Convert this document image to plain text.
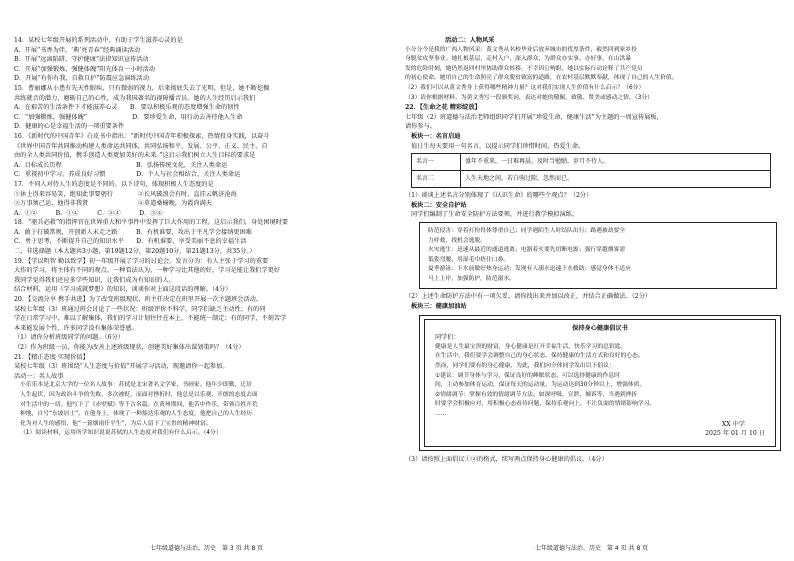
14．某校七年级开展的系列活动中，有助于学生滋养心灵的是
A．开展“书香为伴，‘典’亮青春”经典诵读活动
B．开展“远离陷阱，守护健康”法律知识宣传活动
C．开展“加强锻炼，强健体魄”阳光体育一小时活动
D．开展“有你有我，自救自护”防震应急演练活动
15．曹丽娜从小患有先天性眼疾，只有微弱的视力，后来彻底失去了光明。但是，她不断挖掘
共练就音的潜力，磨砺自己的心性，成为我国著名的视障播音员。她的人生经历启示我们
A．在艰苦的生活条件下才能滋养心灵　　B．要以积极乐观的态度增强生命的韧性
C．“加强锻炼，强健体魄”　　　　　　　 D．要珍爱生命，用行动去善待他人生命
D．健康的心是幸福生活的一项重要条件
16．《新时代的中国青年》白皮书中指出：“新时代中国青年积极探索，热情投身实践，以奋斗
《世界中国青年共同推动构建人类命运共同体，共同弘扬和平、发展、公平、正义、民主、自
由的全人类共同价值，携手创造人类更加美好的未来。”这启示我们树立人生目标的要求是
A．目标成长历程　　　　　　　　　　　　B．弘扬传统文化，关注人类命运
C．重视初中学习，养成良好习惯　　　　　D．个人与社会相结合，关注人类命运
17．不同人对待人生的态度是不同的。以下诗句，体现积极人生态度的是
①休上得来容易笑，绝知此事要躬行　　　　②长风破浪会有时，直挂云帆济沧海
③万事须己运，他得非我贤　　　　　　　　④莫道桑榆晚，为霞尚满天
A．①②　　　B．①④　　　C．②④　　　D．③④
18．“驱兵必救”的指挥官在世界重大和平事件中发挥了巨大作用的工程。这启示我们，身处困境时要
A．敢于打破常规，开创新人未走之路　　　B．有机谁要，攻出于平凡学会接纳更困难
C．勇于思考，不断提升自己的知识水平　　D．有机谁要，享受美丽不息的幸福生活
二、非选择题（本大题共3小题，第19题12分，第20题10分，第21题13分，共35分。）
19．【学以明智 勤以致学】初一年级开展了学习的讨论会。发言分为：有人主张于学习的重要
大作的学习，将主体有不同的观点。一种看法认为，一种学习比其他的好，学习是能让我们学更好
我同学觉得我们还应多学些知识，让我们成为有知识的人。
结合材料，运用《学习成就梦想》的知识，谈谈你对上面这段话的理解。（4分）
20．【交流分享 携手共进】为了改变班级现状，班主任决定在班里开展一次主题班会活动。
某校七年级（3）班通过班会讨论了一些状况：班级评价不科学，同学们缺乏主动性；有的同
学在日常学习中，难以了解集体，我们的学习计划往往在本上，不能统一制定；有的同学，不刻苦学
本来能发展个性，许多同学没有集体荣誉感。
（1）请你分析班级同学的问题。（6分）
（2）作为班级一员，你能为改善上述班级现状，创建美好集体出谋划策吗？（4分）
21．【精正态度 实现价值】
某校七年级（3）班围绕“人生态度与价值”开展学习活动，现邀请你一起参加。
活动一：名人故事
小乐乐本是北京大学的一位名人故事：苏轼是北宋著名文学家、书画家。他年少即勤，迁居
人生起伏，因为政治斗争的失败，多次被贬，而面对挫折时，他总是以乐观、开朗的态度去面
对生活中的一切。他写下了《赤壁赋》等千古名篇。在黄州期间，他苦中作乐，带领百姓开荒
种地，自号“东坡居士”。在他身上，体现了一种豁达乐观的人生态度，他把自己的人生经历
化为对人生的感悟，他“一蓑烟雨任平生”，为后人留下了宝贵的精神财富。
（1）阅读材料，运用所学知识说说苏轼的人生态度对我们有什么启示。（4分）
七年级道德与法治、历史　第 3 页 共 8 页
活动二：人物风采
小分分今是我的广西人物风采：黄文秀从名校毕业后放弃城市的优厚条件，毅然回到家乡投
身脱贫攻坚事业。她扎根基层，走村入户，深入群众，为群众办实事、办好事，在山洪暴
发的危险时刻，她仍然返回村里协助群众转移，不幸因公殉职。她以实际行动诠释了共产党员
的初心使命。她用自己的生命照亮了群众脱贫致富的道路，在农村基层默默奉献，体现了自己的人生价值。
（2）我们可以从黄文秀身上获得哪些精神力量？这对我们实现人生价值有什么启示？（6分）
（3）请你根据材料，为黄文秀写一段颁奖词，表达对她的敬佩，致敬、赞美或感动之情。（3分）
22．【生命之花 精彩绽放】
七年级（2）班道德与法治老师组织同学们开展“珍爱生命，健康生活”为主题的一周宣传展板，
请你参与。
板块一：名言启迪
值日生每天要用一句名言，以提示同学们珍惜时间，热爱生命。
名言一	盛年不重来，一日难再晨。及时当勉励，岁月不待人。
名言二	人生天地之间，若白驹过隙，忽然而已。
（1）谈谈上述名言分别体现了《认识生命》的哪些个观点？（2分）
板块二：安全自护站
同学们编制了生命安全防护方法要领，并进行教学模拟演练。
防范侵害：穿着打扮得体尊重自己；同学遇陌生人时结队出行；路遇被劫要全
力呼救，找机会逃脱。
火灾逃生：迅速从最近的通道逃离；电器着火要先切断电源；强行穿越烟雾需
低姿弯腰，用湿毛巾捂住口鼻。
夏季游泳：下水前做好热身运动；发现有人溺水迅速下水救助；感觉身体不适应
马上上岸，加强防护，防范溺水。
（2）上述生命防护方法中有一项欠妥，请你找出来并加以改正，并结合正确做法。（2分）
板块三：健康加油站
保持身心健康倡议书
同学们：
健康是人生最宝贵的财富，身心健康是打开幸福生活、快乐学习的总钥匙。
在生活中，我们要学会调整自己的身心状态，保持健康的生活方式和良好的心态。
然而，同学们要有的身心健康，为此，我们向全体同学发出以下倡议：
①建议：调节身体与学习，保证良好的睡眠状态。可以选择健康的作息时
间，主动参加体育运动，保证每天的运动量，为运动达到30分钟以上，增强体质。
②情绪调节：掌握有效的情绪调节方法，如深呼吸、宣泄、倾诉等，当遇到挫折
时要学会积极应对，用积极心态看待问题，保持乐观向上，不让负面的情绪影响学习。
……
XX 中学
2025 年 01 月 10 日
（3）请按照上面倡议①②的格式，续写两点保持身心健康的倡议。（4分）
七年级道德与法治、历史　第 4 页 共 8 页
